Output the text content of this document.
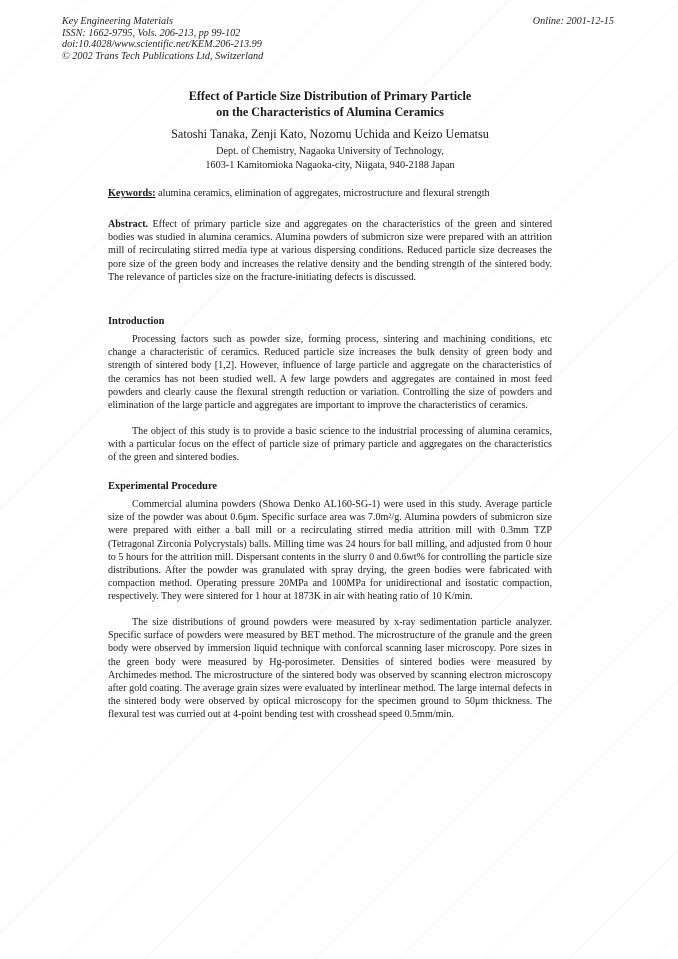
Key Engineering Materials
ISSN: 1662-9795, Vols. 206-213, pp 99-102
doi:10.4028/www.scientific.net/KEM.206-213.99
© 2002 Trans Tech Publications Ltd, Switzerland
Online: 2001-12-15
Effect of Particle Size Distribution of Primary Particle
on the Characteristics of Alumina Ceramics
Satoshi Tanaka, Zenji Kato, Nozomu Uchida and Keizo Uematsu
Dept. of Chemistry, Nagaoka University of Technology,
1603-1 Kamitomioka Nagaoka-city, Niigata, 940-2188 Japan
Keywords: alumina ceramics, elimination of aggregates, microstructure and flexural strength

Abstract. Effect of primary particle size and aggregates on the characteristics of the green and sintered bodies was studied in alumina ceramics. Alumina powders of submicron size were prepared with an attrition mill of recirculating stirred media type at various dispersing conditions. Reduced particle size decreases the pore size of the green body and increases the relative density and the bending strength of the sintered body. The relevance of particles size on the fracture-initiating defects is discussed.

Introduction

Processing factors such as powder size, forming process, sintering and machining conditions, etc change a characteristic of ceramics. Reduced particle size increases the bulk density of green body and strength of sintered body [1,2]. However, influence of large particle and aggregate on the characteristics of the ceramics has not been studied well. A few large powders and aggregates are contained in most feed powders and clearly cause the flexural strength reduction or variation. Controlling the size of powders and elimination of the large particle and aggregates are important to improve the characteristics of ceramics.

The object of this study is to provide a basic science to the industrial processing of alumina ceramics, with a particular focus on the effect of particle size of primary particle and aggregates on the characteristics of the green and sintered bodies.

Experimental Procedure

Commercial alumina powders (Showa Denko AL160-SG-1) were used in this study. Average particle size of the powder was about 0.6μm. Specific surface area was 7.0m²/g. Alumina powders of submicron size were prepared with either a ball mill or a recirculating stirred media attrition mill with 0.3mm TZP (Tetragonal Zirconia Polycrystals) balls. Milling time was 24 hours for ball milling, and adjusted from 0 hour to 5 hours for the attrition mill. Dispersant contents in the slurry 0 and 0.6wt% for controlling the particle size distributions. After the powder was granulated with spray drying, the green bodies were fabricated with compaction method. Operating pressure 20MPa and 100MPa for unidirectional and isostatic compaction, respectively. They were sintered for 1 hour at 1873K in air with heating ratio of 10 K/min.

The size distributions of ground powders were measured by x-ray sedimentation particle analyzer. Specific surface of powders were measured by BET method. The microstructure of the granule and the green body were observed by immersion liquid technique with conforcal scanning laser microscopy. Pore sizes in the green body were measured by Hg-porosimeter. Densities of sintered bodies were measured by Archimedes method. The microstructure of the sintered body was observed by scanning electron microscopy after gold coating. The average grain sizes were evaluated by interlinear method. The large internal defects in the sintered body were observed by optical microscopy for the specimen ground to 50μm thickness. The flexural test was curried out at 4-point bending test with crosshead speed 0.5mm/min.
